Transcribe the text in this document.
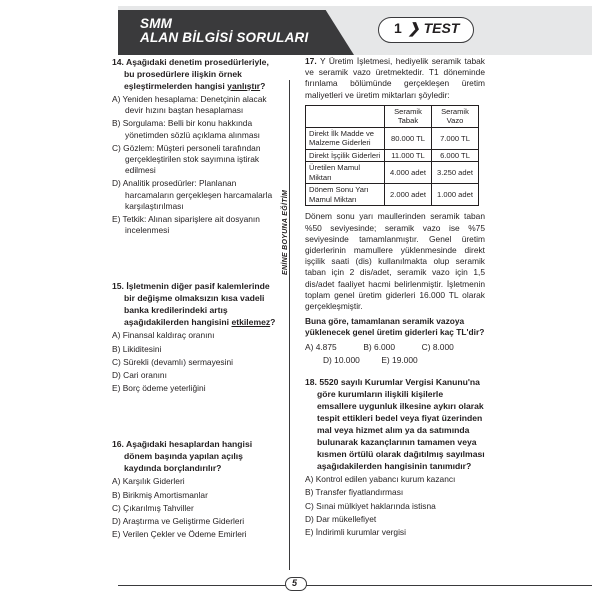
SMM
ALAN BİLGİSİ SORULARI
1 ❯ TEST
14. Aşağıdaki denetim prosedürleriyle, bu prosedürlere ilişkin örnek eşleştirmelerden hangisi yanlıştır?
A) Yeniden hesaplama: Denetçinin alacak devir hızını baştan hesaplaması
B) Sorgulama: Belli bir konu hakkında yönetimden sözlü açıklama alınması
C) Gözlem: Müşteri personeli tarafından gerçekleştirilen stok sayımına iştirak edilmesi
D) Analitik prosedürler: Planlanan harcamaların gerçekleşen harcamalarla karşılaştırılması
E) Tetkik: Alınan siparişlere ait dosyanın incelenmesi
15. İşletmenin diğer pasif kalemlerinde bir değişme olmaksızın kısa vadeli banka kredilerindeki artış aşağıdakilerden hangisini etkilemez?
A) Finansal kaldıraç oranını
B) Likiditesini
C) Sürekli (devamlı) sermayesini
D) Cari oranını
E) Borç ödeme yeterliğini
16. Aşağıdaki hesaplardan hangisi dönem başında yapılan açılış kaydında borçlandırılır?
A) Karşılık Giderleri
B) Birikmiş Amortismanlar
C) Çıkarılmış Tahviller
D) Araştırma ve Geliştirme Giderleri
E) Verilen Çekler ve Ödeme Emirleri
ENİNE BOYUNA EĞİTİM
17. Y Üretim İşletmesi, hediyelik seramik tabak ve seramik vazo üretmektedir. T1 döneminde fırınlama bölümünde gerçekleşen üretim maliyetleri ve üretim miktarları şöyledir:
	Seramik Tabak	Seramik Vazo
Direkt İlk Madde ve Malzeme Giderleri	80.000 TL	7.000 TL
Direkt İşçilik Giderleri	11.000 TL	6.000 TL
Üretilen Mamul Miktarı	4.000 adet	3.250 adet
Dönem Sonu Yarı Mamul Miktarı	2.000 adet	1.000 adet
Dönem sonu yarı maullerinden seramik taban %50 seviyesinde; seramik vazo ise %75 seviyesinde tamamlanmıştır. Genel üretim giderlerinin mamullere yüklenmesinde direkt işçilik saati (dis) kullanılmakta olup seramik taban için 2 dis/adet, seramik vazo için 1,5 dis/adet faaliyet hacmi belirlenmiştir. İşletmenin toplam genel üretim giderleri 16.000 TL olarak gerçekleşmiştir.
Buna göre, tamamlanan seramik vazoya yüklenecek genel üretim giderleri kaç TL'dir?
A) 4.875	B) 6.000	C) 8.000
D) 10.000	E) 19.000
18. 5520 sayılı Kurumlar Vergisi Kanunu'na göre kurumların ilişkili kişilerle emsallere uygunluk ilkesine aykırı olarak tespit ettikleri bedel veya fiyat üzerinden mal veya hizmet alım ya da satımında bulunarak kazançlarının tamamen veya kısmen örtülü olarak dağıtılmış sayılması aşağıdakilerden hangisinin tanımıdır?
A) Kontrol edilen yabancı kurum kazancı
B) Transfer fiyatlandırması
C) Sınai mülkiyet haklarında istisna
D) Dar mükellefiyet
E) İndirimli kurumlar vergisi
5
